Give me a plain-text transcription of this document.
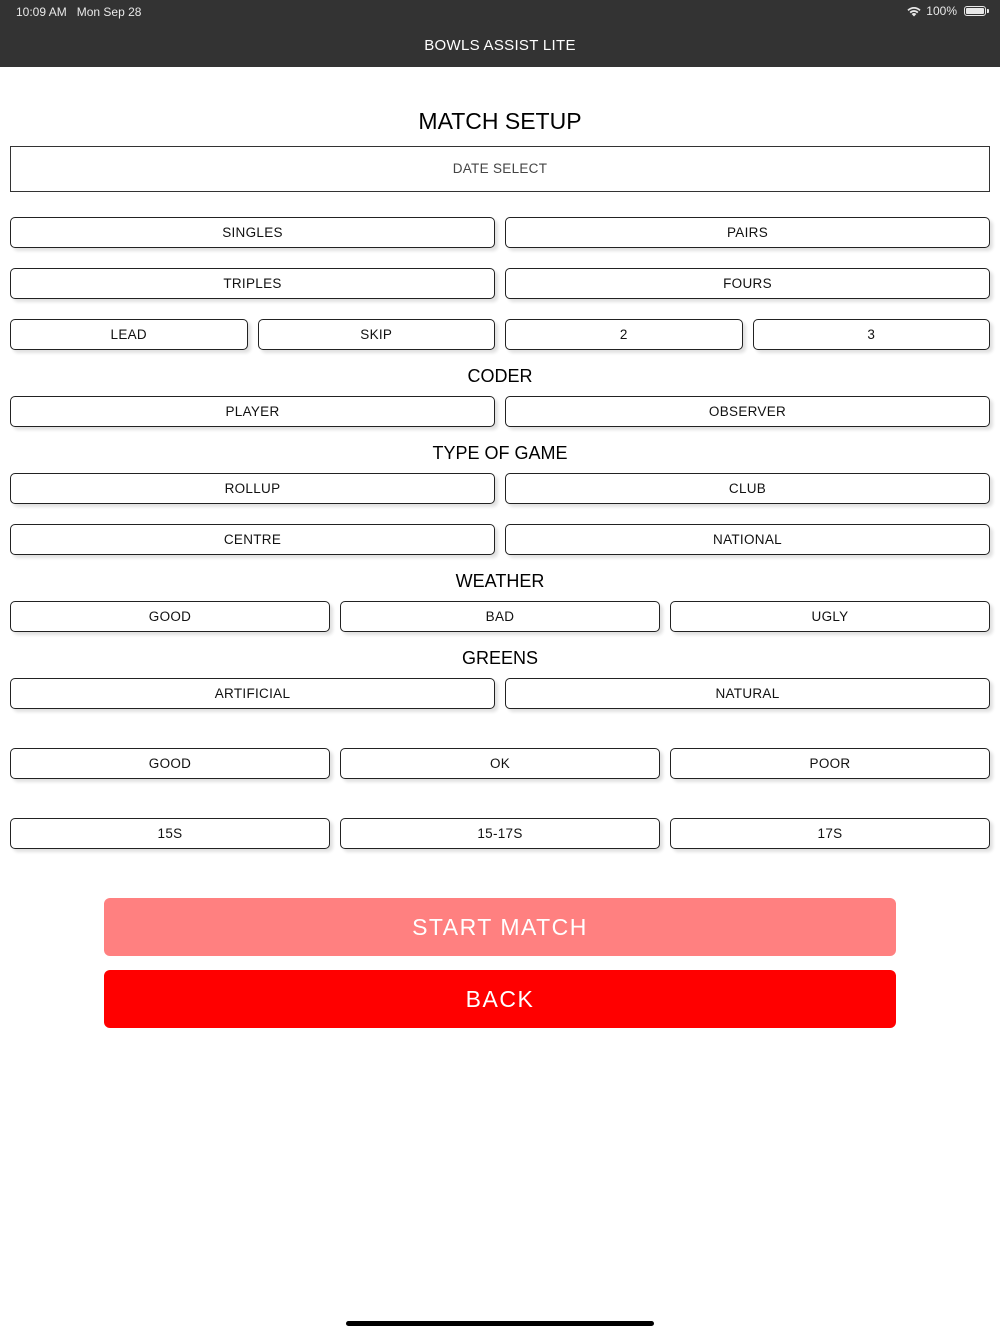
10:09 AM Mon Sep 28	100%
BOWLS ASSIST LITE
MATCH SETUP
DATE SELECT
SINGLES	PAIRS
TRIPLES	FOURS
LEAD	SKIP	2	3
CODER
PLAYER	OBSERVER
TYPE OF GAME
ROLLUP	CLUB
CENTRE	NATIONAL
WEATHER
GOOD	BAD	UGLY
GREENS
ARTIFICIAL	NATURAL
GOOD	OK	POOR
15S	15-17S	17S
START MATCH
BACK
